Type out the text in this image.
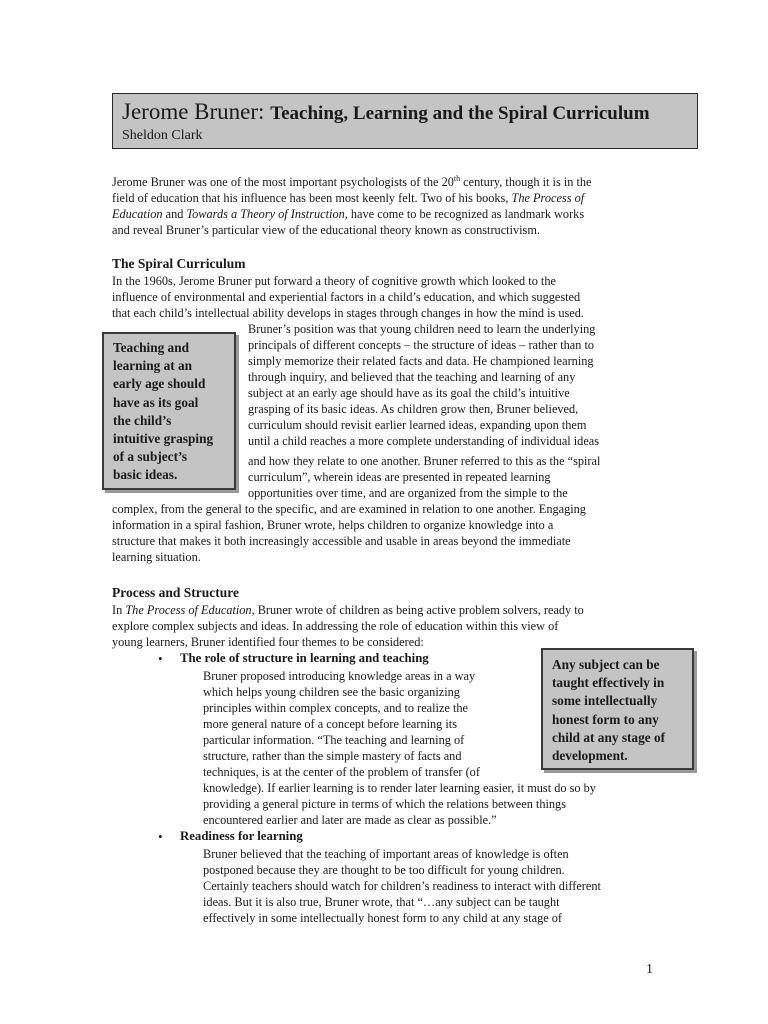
Jerome Bruner: Teaching, Learning and the Spiral Curriculum
Sheldon Clark

Jerome Bruner was one of the most important psychologists of the 20th century, though it is in the

field of education that his influence has been most keenly felt. Two of his books, The Process of

Education and Towards a Theory of Instruction, have come to be recognized as landmark works

and reveal Bruner’s particular view of the educational theory known as constructivism.

The Spiral Curriculum

In the 1960s, Jerome Bruner put forward a theory of cognitive growth which looked to the

influence of environmental and experiential factors in a child’s education, and which suggested

that each child’s intellectual ability develops in stages through changes in how the mind is used.

Bruner’s position was that young children need to learn the underlying

principals of different concepts – the structure of ideas – rather than to

simply memorize their related facts and data. He championed learning

through inquiry, and believed that the teaching and learning of any

subject at an early age should have as its goal the child’s intuitive

grasping of its basic ideas. As children grow then, Bruner believed,

curriculum should revisit earlier learned ideas, expanding upon them

until a child reaches a more complete understanding of individual ideas

and how they relate to one another. Bruner referred to this as the “spiral

curriculum”, wherein ideas are presented in repeated learning

opportunities over time, and are organized from the simple to the

complex, from the general to the specific, and are examined in relation to one another. Engaging

information in a spiral fashion, Bruner wrote, helps children to organize knowledge into a

structure that makes it both increasingly accessible and usable in areas beyond the immediate

learning situation.

Teaching and
learning at an
early age should
have as its goal
the child’s
intuitive grasping
of a subject’s
basic ideas.
Process and Structure

In The Process of Education, Bruner wrote of children as being active problem solvers, ready to

explore complex subjects and ideas. In addressing the role of education within this view of

young learners, Bruner identified four themes to be considered:

• The role of structure in learning and teaching

Bruner proposed introducing knowledge areas in a way

which helps young children see the basic organizing

principles within complex concepts, and to realize the

more general nature of a concept before learning its

particular information. “The teaching and learning of

structure, rather than the simple mastery of facts and

techniques, is at the center of the problem of transfer (of

knowledge). If earlier learning is to render later learning easier, it must do so by

providing a general picture in terms of which the relations between things

encountered earlier and later are made as clear as possible.”

• Readiness for learning

Bruner believed that the teaching of important areas of knowledge is often

postponed because they are thought to be too difficult for young children.

Certainly teachers should watch for children’s readiness to interact with different

ideas. But it is also true, Bruner wrote, that “…any subject can be taught

effectively in some intellectually honest form to any child at any stage of

Any subject can be
taught effectively in
some intellectually
honest form to any
child at any stage of
development.
1
